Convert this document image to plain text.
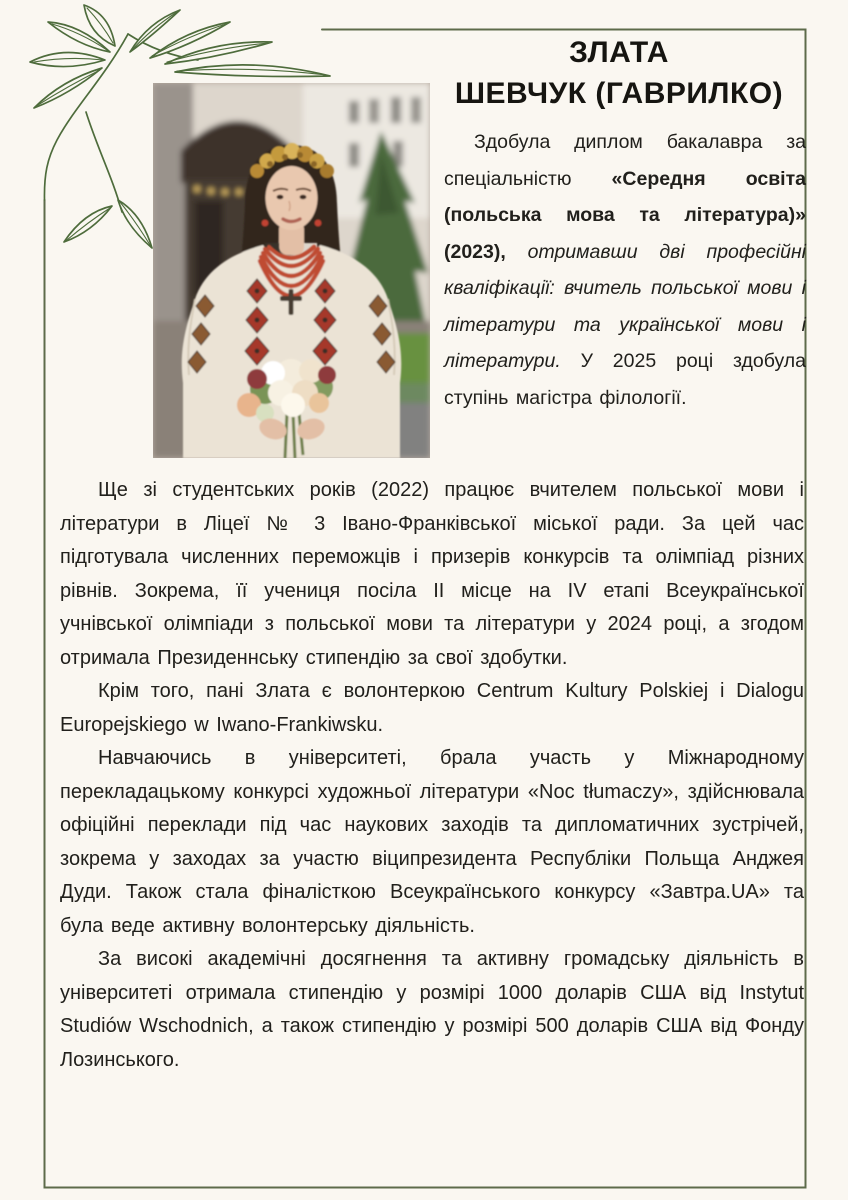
ЗЛАТА
ШЕВЧУК (ГАВРИЛКО)

Здобула диплом бакалавра за спеціальністю «Середня освіта (польська мова та література)» (2023), отримавши дві професійні кваліфікації: вчитель польської мови і літератури та української мови і літератури. У 2025 році здобула ступінь магістра філології.

Ще зі студентських років (2022) працює вчителем польської мови і літератури в Ліцеї № 3 Івано-Франківської міської ради. За цей час підготувала численних переможців і призерів конкурсів та олімпіад різних рівнів. Зокрема, її учениця посіла II місце на IV етапі Всеукраїнської учнівської олімпіади з польської мови та літератури у 2024 році, а згодом отримала Президеннську стипендію за свої здобутки.

Крім того, пані Злата є волонтеркою Centrum Kultury Polskiej i Dialogu Europejskiego w Iwano-Frankiwsku.

Навчаючись в університеті, брала участь у Міжнародному перекладацькому конкурсі художньої літератури «Noc tłumaczy», здійснювала офіційні переклади під час наукових заходів та дипломатичних зустрічей, зокрема у заходах за участю віципрезидента Республіки Польща Анджея Дуди. Також стала фіналісткою Всеукраїнського конкурсу «Завтра.UA» та була веде активну волонтерську діяльність.

За високі академічні досягнення та активну громадську діяльність в університеті отримала стипендію у розмірі 1000 доларів США від Instytut Studiów Wschodnich, а також стипендію у розмірі 500 доларів США від Фонду Лозинського.
